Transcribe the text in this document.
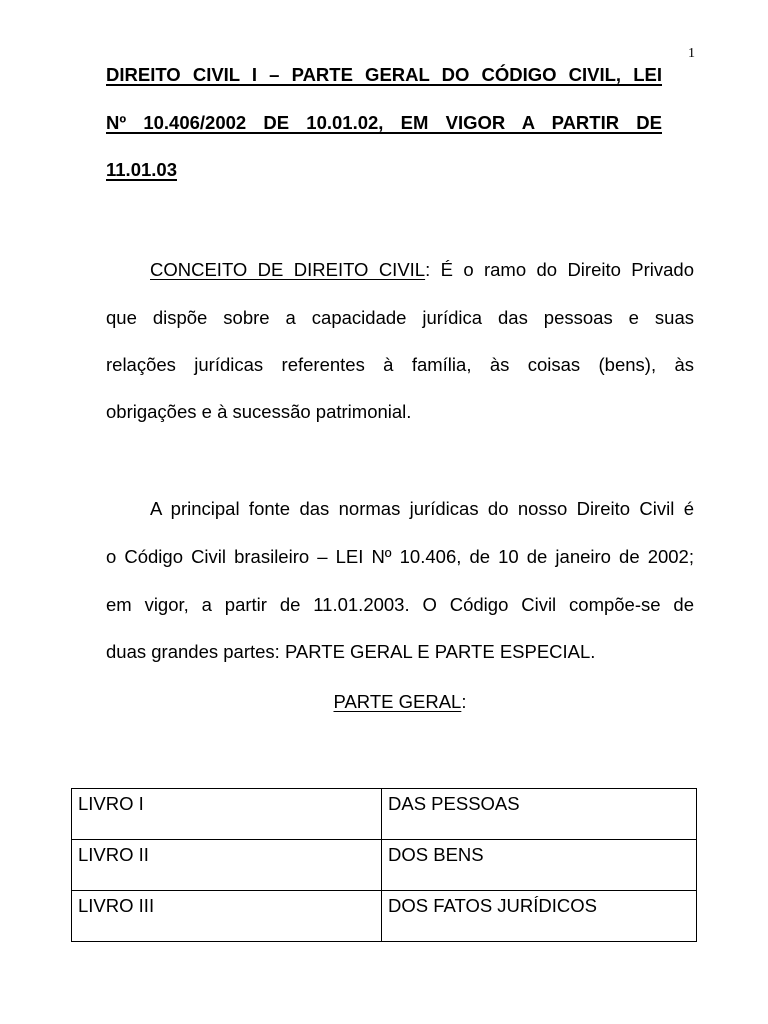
1
DIREITO CIVIL I – PARTE GERAL DO CÓDIGO CIVIL, LEI
Nº 10.406/2002 DE 10.01.02, EM VIGOR A PARTIR DE
11.01.03
CONCEITO DE DIREITO CIVIL: É o ramo do Direito Privado
que dispõe sobre a capacidade jurídica das pessoas e suas
relações jurídicas referentes à família, às coisas (bens), às
obrigações e à sucessão patrimonial.
A principal fonte das normas jurídicas do nosso Direito Civil é
o Código Civil brasileiro – LEI Nº 10.406, de 10 de janeiro de 2002;
em vigor, a partir de 11.01.2003. O Código Civil compõe-se de
duas grandes partes: PARTE GERAL E PARTE ESPECIAL.
PARTE GERAL:
LIVRO I	DAS PESSOAS
LIVRO II	DOS BENS
LIVRO III	DOS FATOS JURÍDICOS
